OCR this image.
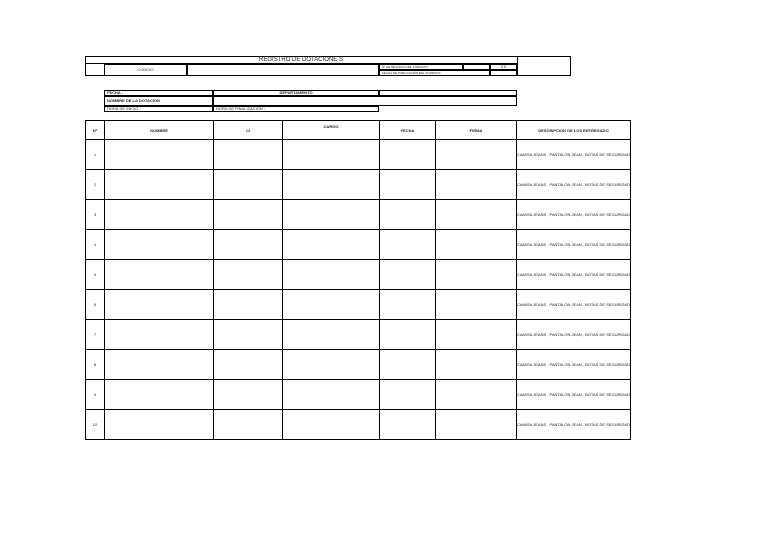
REGISTRO DE DOTACIONE S
CODIGO
N° DE REVISION DEL FORMATO:	0 0
FECHA DE PUBLICACIÓN DEL FORMATO:
FECHA :	DEPARTAMENTO
NOMBRE DE LA DOTACION
HORA DE INICIO :	HORA DE FINALIZACION :
Nº	NOMBRE	CI	CARGO	FECHA	FIRMA	DESCRIPCION DE LOS ENTREGADO
1						CAMISA JEANS , PANTALON JEAN , BOTAS DE SEGURIDAD
2						CAMISA JEANS , PANTALON JEAN , BOTAS DE SEGURIDAD
3						CAMISA JEANS , PANTALON JEAN , BOTAS DE SEGURIDAD
4						CAMISA JEANS , PANTALON JEAN , BOTAS DE SEGURIDAD
5						CAMISA JEANS , PANTALON JEAN , BOTAS DE SEGURIDAD
6						CAMISA JEANS , PANTALON JEAN , BOTAS DE SEGURIDAD
7						CAMISA JEANS , PANTALON JEAN , BOTAS DE SEGURIDAD
8						CAMISA JEANS , PANTALON JEAN , BOTAS DE SEGURIDAD
9						CAMISA JEANS , PANTALON JEAN , BOTAS DE SEGURIDAD
10						CAMISA JEANS , PANTALON JEAN , BOTAS DE SEGURIDAD
